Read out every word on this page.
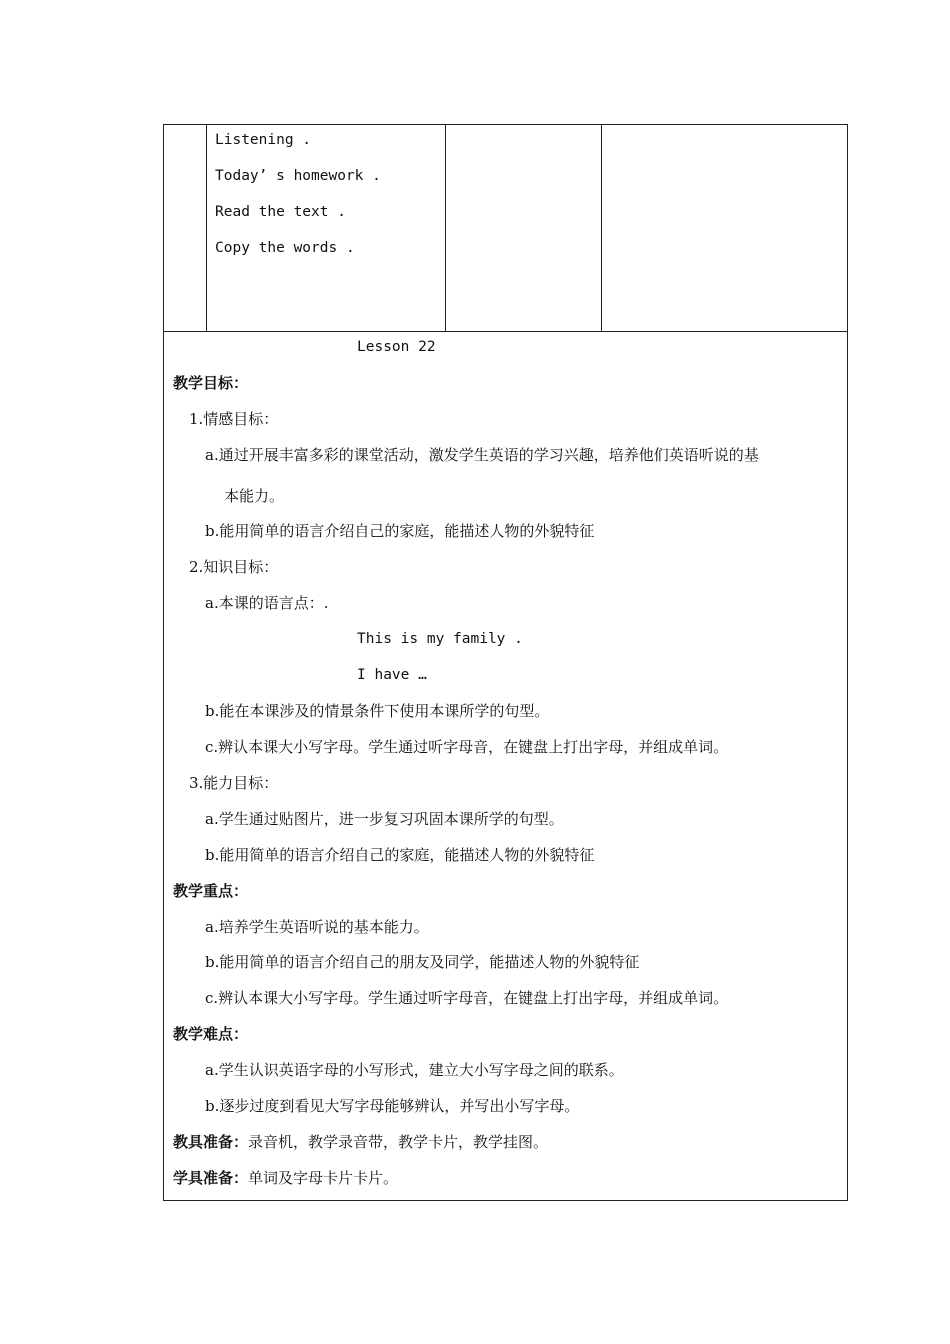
Listening .
Today’ s homework .
Read the text .
Copy the words .
Lesson 22
教学目标：
1.情感目标：
a.通过开展丰富多彩的课堂活动，激发学生英语的学习兴趣，培养他们英语听说的基
本能力。
b.能用简单的语言介绍自己的家庭，能描述人物的外貌特征
2.知识目标：
a.本课的语言点：.
This is my family .
I have …
b.能在本课涉及的情景条件下使用本课所学的句型。
c.辨认本课大小写字母。学生通过听字母音，在键盘上打出字母，并组成单词。
3.能力目标：
a.学生通过贴图片，进一步复习巩固本课所学的句型。
b.能用简单的语言介绍自己的家庭，能描述人物的外貌特征
教学重点：
a.培养学生英语听说的基本能力。
b.能用简单的语言介绍自己的朋友及同学，能描述人物的外貌特征
c.辨认本课大小写字母。学生通过听字母音，在键盘上打出字母，并组成单词。
教学难点：
a.学生认识英语字母的小写形式，建立大小写字母之间的联系。
b.逐步过度到看见大写字母能够辨认，并写出小写字母。
教具准备：录音机，教学录音带，教学卡片，教学挂图。
学具准备：单词及字母卡片卡片。
